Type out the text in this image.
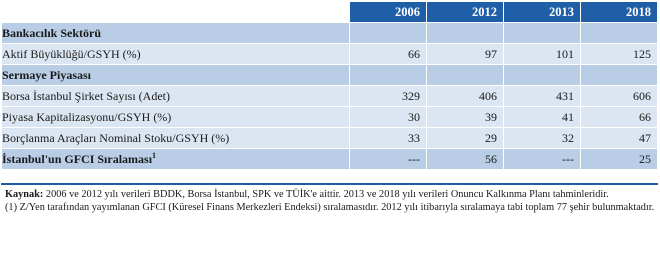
	2006	2012	2013	2018
Bankacılık Sektörü				
Aktif Büyüklüğü/GSYH (%)	66	97	101	125
Sermaye Piyasası				
Borsa İstanbul Şirket Sayısı (Adet)	329	406	431	606
Piyasa Kapitalizasyonu/GSYH (%)	30	39	41	66
Borçlanma Araçları Nominal Stoku/GSYH (%)	33	29	32	47
İstanbul'un GFCI Sıralaması$^1$	---	56	---	25

Kaynak: 2006 ve 2012 yılı verileri BDDK, Borsa İstanbul, SPK ve TÜİK'e aittir. 2013 ve 2018 yılı verileri Onuncu Kalkınma Planı tahminleridir.

(1) Z/Yen tarafından yayımlanan GFCI (Küresel Finans Merkezleri Endeksi) sıralamasıdır. 2012 yılı itibarıyla sıralamaya tabi toplam 77 şehir bulunmaktadır.
